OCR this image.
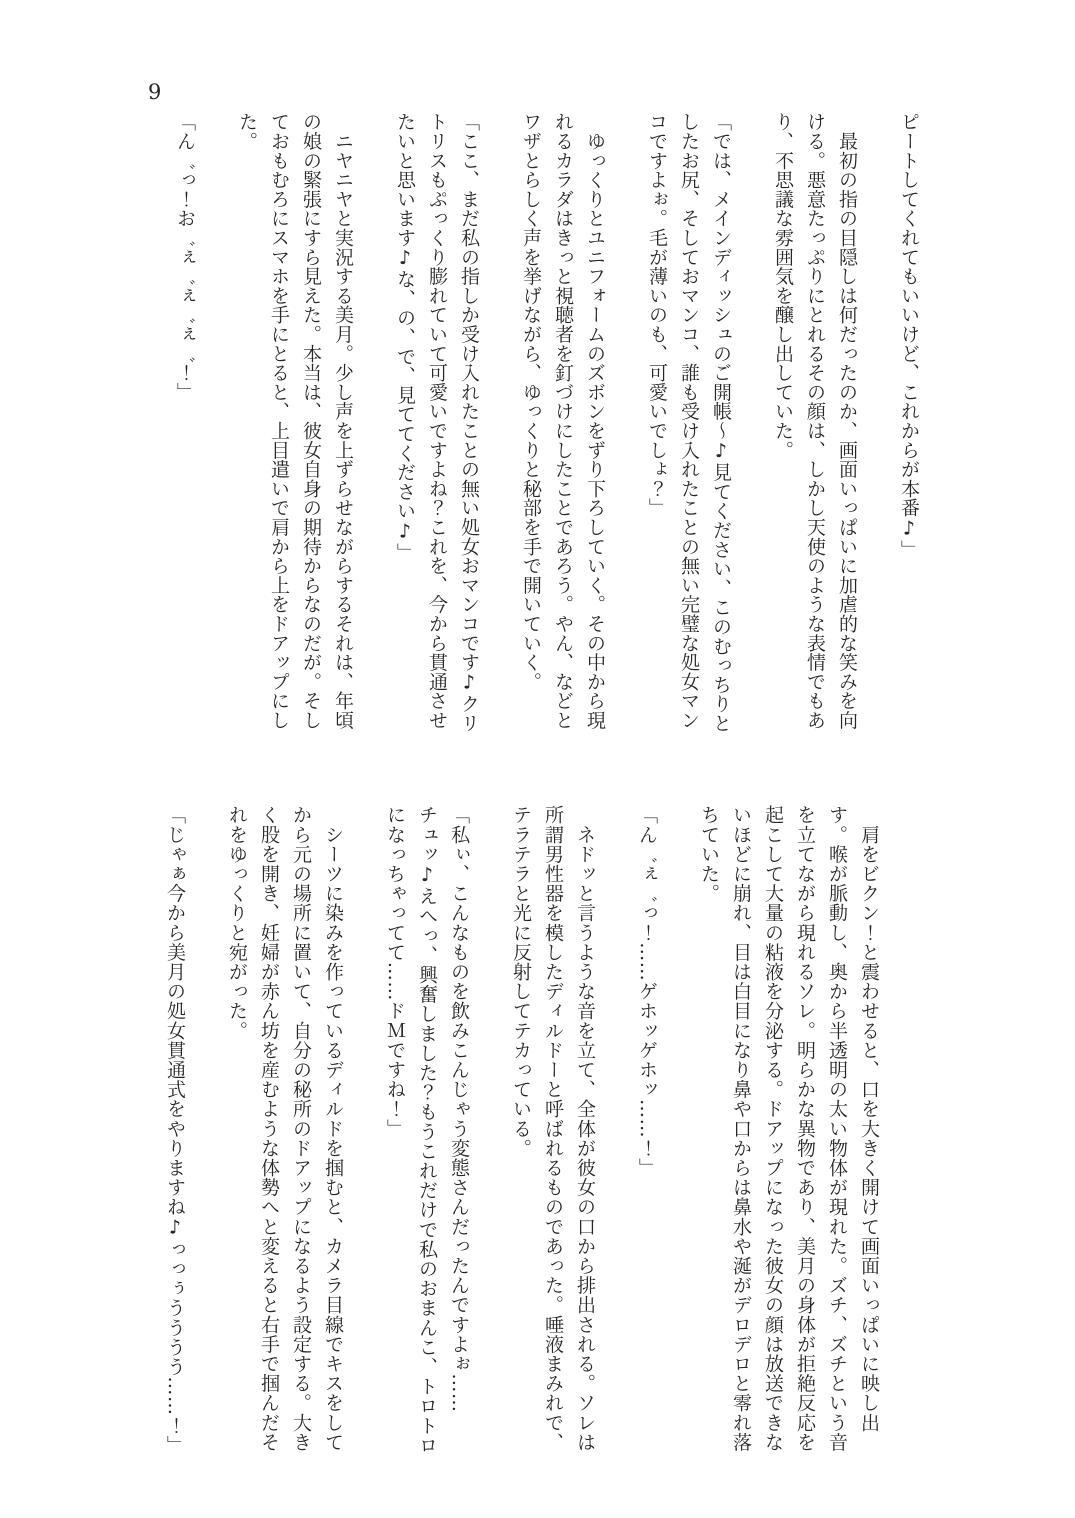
9

ピートしてくれてもいいけど、これからが本番♪」

　最初の指の目隠しは何だったのか、画面いっぱいに加虐的な笑みを向ける。悪意たっぷりにとれるその顔は、しかし天使のような表情でもあり、不思議な雰囲気を醸し出していた。

「では、メインディッシュのご開帳～♪見てください、このむっちりとしたお尻、そしておマンコ、誰も受け入れたことの無い完璧な処女マンコですよぉ。毛が薄いのも、可愛いでしょ？」

　ゆっくりとユニフォームのズボンをずり下ろしていく。その中から現れるカラダはきっと視聴者を釘づけにしたことであろう。やん、などとワザとらしく声を挙げながら、ゆっくりと秘部を手で開いていく。

「ここ、まだ私の指しか受け入れたことの無い処女おマンコです♪クリトリスもぷっくり膨れていて可愛いですよね？これを、今から貫通させたいと思います♪な、の、で、見ててください♪」

　ニヤニヤと実況する美月。少し声を上ずらせながらするそれは、年頃の娘の緊張にすら見えた。本当は、彼女自身の期待からなのだが。そしておもむろにスマホを手にとると、上目遣いで肩から上をドアップにした。

「ん゛っ！お゛ぇ゛ぇ゛ぇ゛！」

　肩をビクン！と震わせると、口を大きく開けて画面いっぱいに映し出す。喉が脈動し、奥から半透明の太い物体が現れた。ズチ、ズチという音を立てながら現れるソレ。明らかな異物であり、美月の身体が拒絶反応を起こして大量の粘液を分泌する。ドアップになった彼女の顔は放送できないほどに崩れ、目は白目になり鼻や口からは鼻水や涎がデロデロと零れ落ちていた。

「ん゛ぇ゛っ！……ゲホッゲホッ……！」

　ネドッと言うような音を立て、全体が彼女の口から排出される。ソレは所謂男性器を模したディルドーと呼ばれるものであった。唾液まみれで、テラテラと光に反射してテカっている。

「私ぃ、こんなものを飲みこんじゃう変態さんだったんですよぉ……チュッ♪えへっ、興奮しました？もうこれだけで私のおまんこ、トロトロになっちゃってて……ドＭですね！」

　シーツに染みを作っているディルドを掴むと、カメラ目線でキスをしてから元の場所に置いて、自分の秘所のドアップになるよう設定する。大きく股を開き、妊婦が赤ん坊を産むような体勢へと変えると右手で掴んだそれをゆっくりと宛がった。

「じゃぁ今から美月の処女貫通式をやりますね♪っっぅうううう……！」
